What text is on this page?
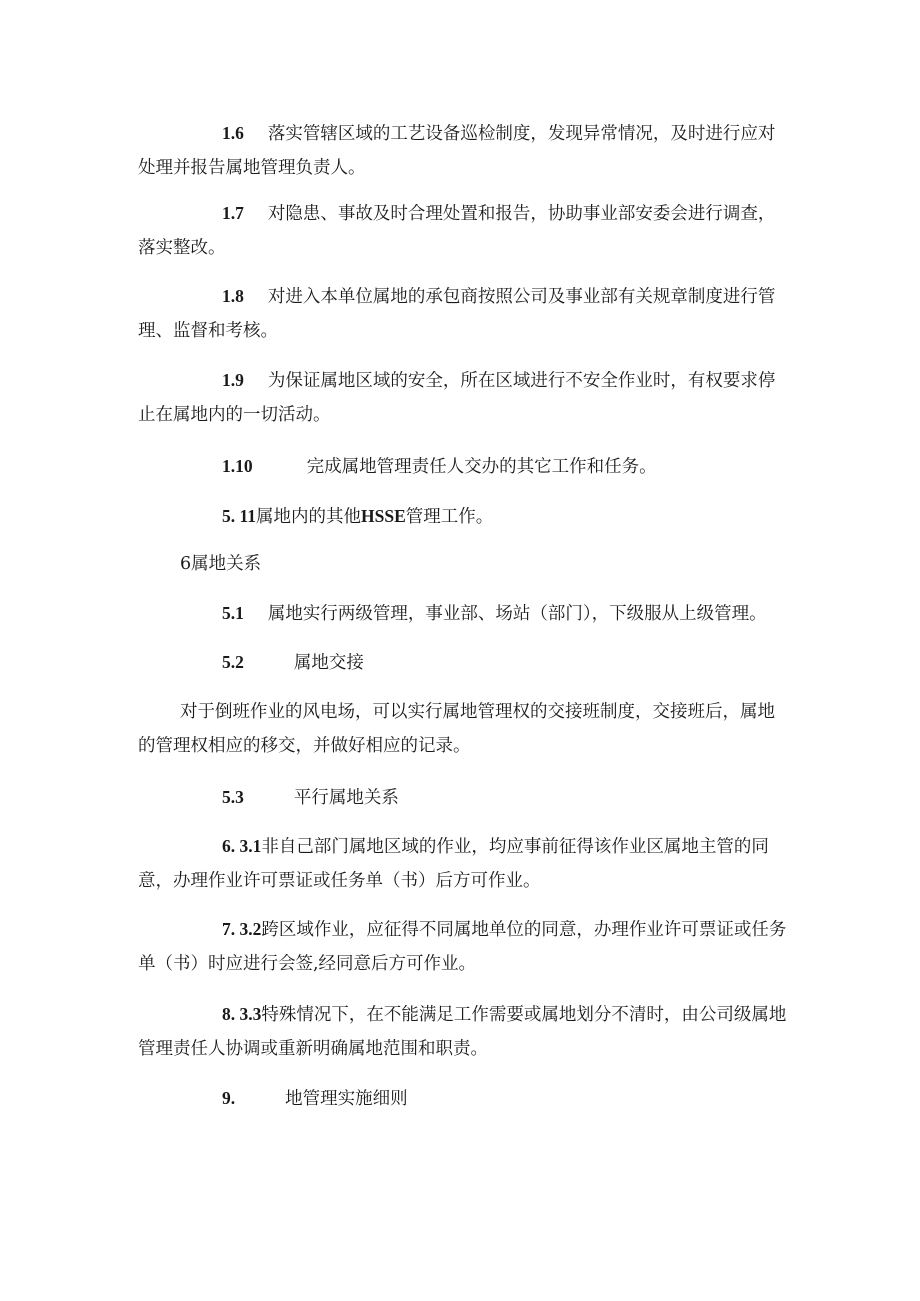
1.6 落实管辖区域的工艺设备巡检制度，发现异常情况，及时进行应对处理并报告属地管理负责人。

1.7 对隐患、事故及时合理处置和报告，协助事业部安委会进行调查，落实整改。

1.8 对进入本单位属地的承包商按照公司及事业部有关规章制度进行管理、监督和考核。

1.9 为保证属地区域的安全，所在区域进行不安全作业时，有权要求停止在属地内的一切活动。

1.10	完成属地管理责任人交办的其它工作和任务。

5. 11属地内的其他HSSE管理工作。

6属地关系

5.1 属地实行两级管理，事业部、场站（部门），下级服从上级管理。

5.2	属地交接

对于倒班作业的风电场，可以实行属地管理权的交接班制度，交接班后，属地的管理权相应的移交，并做好相应的记录。

5.3	平行属地关系

6. 3.1非自己部门属地区域的作业，均应事前征得该作业区属地主管的同意，办理作业许可票证或任务单（书）后方可作业。

7. 3.2跨区域作业，应征得不同属地单位的同意，办理作业许可票证或任务单（书）时应进行会签,经同意后方可作业。

8. 3.3特殊情况下，在不能满足工作需要或属地划分不清时，由公司级属地管理责任人协调或重新明确属地范围和职责。

9.	地管理实施细则
